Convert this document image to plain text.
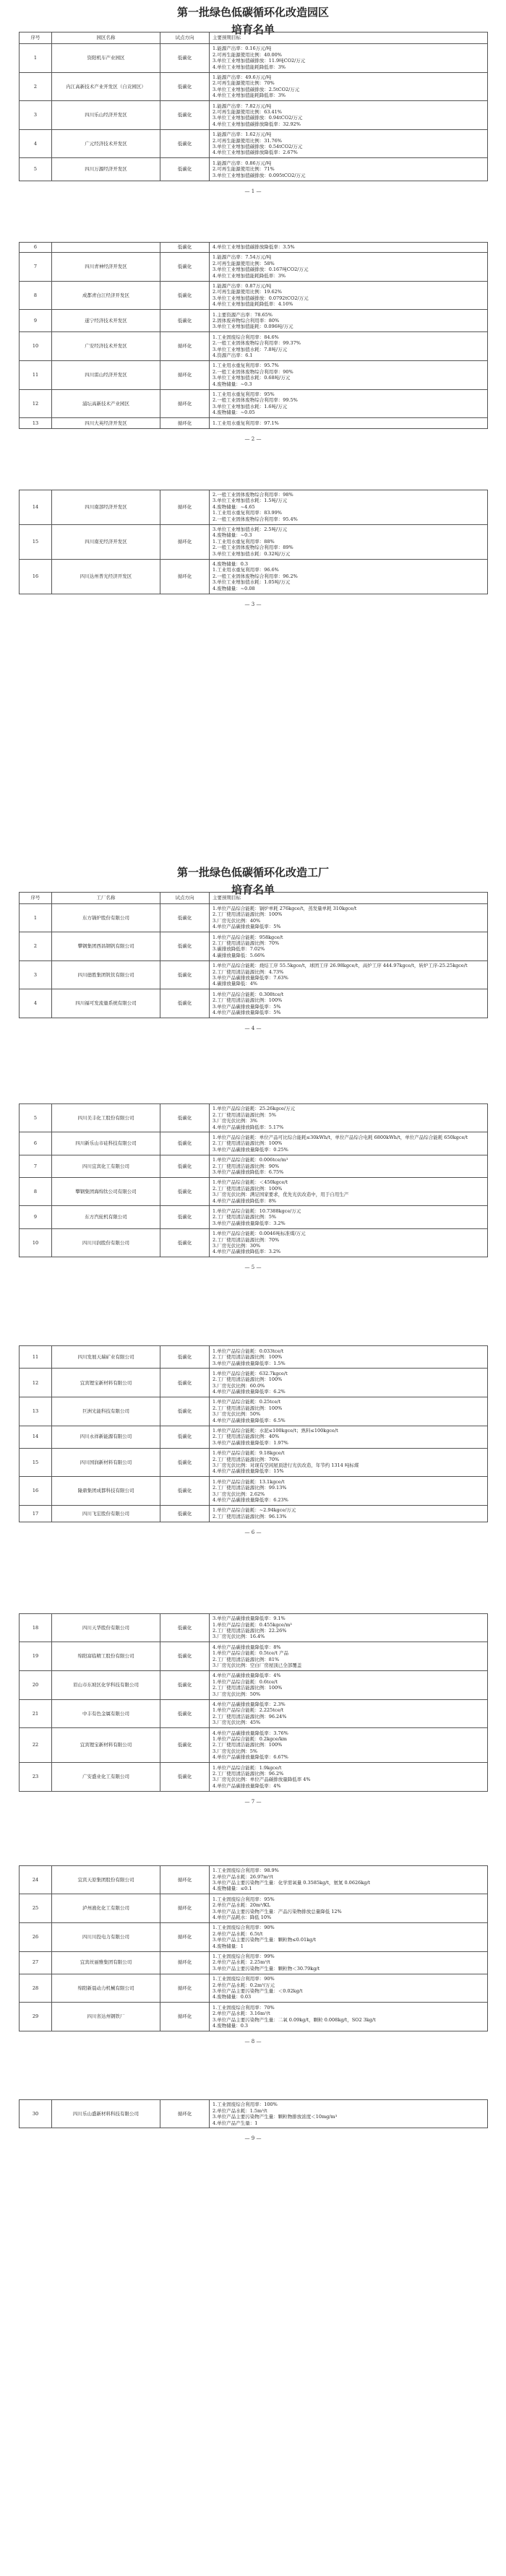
第一批绿色低碳循环化改造园区
培育名单
序号	园区名称	试点方向	主要预期目标
1	资阳机车产业园区	低碳化	1.能源产出率：0.16万元/吨
2.可再生能源使用比例：40.00%
3.单位工业增加值碳排放：11.9吨CO2/万元
4.单位工业增加值能耗降低率：3%

2	内江高新技术产业开发区（自贡园区）	低碳化	1.能源产出率：49.6万元/吨
2.可再生能源使用比例：70%
3.单位工业增加值碳排放：2.5tCO2/万元
4.单位工业增加值能耗降低率：3%

3	四川乐山经济开发区	低碳化	1.能源产出率：7.82万元/吨
2.可再生能源使用比例：63.41%
3.单位工业增加值碳排放：0.94tCO2/万元
4.单位工业增加值碳排放降低率：32.92%

4	广元经济技术开发区	低碳化	1.能源产出率：1.62万元/吨
2.可再生能源使用比例：31.76%
3.单位工业增加值碳排放：0.54tCO2/万元
4.单位工业增加值碳排放降低率：2.67%

5	四川万源经济开发区	低碳化	1.能源产出率：0.86万元/吨
2.可再生能源使用比例：71%
3.单位工业增加值碳排放：0.095tCO2/万元
— 1 —
6		低碳化	4.单位工业增加值碳排放降低率：3.5%

7	四川青神经济开发区	低碳化	1.能源产出率：7.54万元/吨
2.可再生能源使用比例：58%
3.单位工业增加值碳排放：0.167吨CO2/万元
4.单位工业增加值能耗降低率：3%

8	成都青白江经济开发区	低碳化	1.能源产出率：0.87万元/吨
2.可再生能源使用比例：19.62%
3.单位工业增加值碳排放：0.0792tCO2/万元
4.单位工业增加值能耗降低率：4.16%

9	遂宁经济技术开发区	低碳化	1.主要资源产出率：78.65%
2.固体废弃物综合利用率：80%
3.单位工业增加值能耗：0.096吨/万元

10	广安经济技术开发区	循环化	1.工业固废综合利用率：84.6%
2.一般工业固体废物综合利用率：99.37%
3.单位工业增加值水耗：7.8吨/万元
4.资源产出率：6.1

11	四川雷山经济开发区	循环化	1.工业用水重复利用率：95.7%
2.一般工业固体废物综合利用率：90%
3.单位工业增加值水耗：0.68吨/万元
4.废物储量：~0.3

12	浦坛高新技术产业园区	循环化	1.工业用水重复利用率：95%
2.一般工业固体废物综合利用率：99.5%
3.单位工业增加值水耗：1.6吨/万元
4.废物储量：~0.05

13	四川大英经济开发区	循环化	1.工业用水重复利用率：97.1%
— 2 —
14	四川南部经济开发区	循环化	2.一般工业固体废物综合利用率：98%
3.单位工业增加值水耗：1.5吨/万元
4.废物储量：~4.65
1.工业用水重复利用率：83.99%
2.一般工业固体废物综合利用率：95.4%

15	四川南充经济开发区	循环化	3.单位工业增加值水耗：2.5吨/万元
4.废物储量：~0.3
1.工业用水重复利用率：88%
2.一般工业固体废物综合利用率：89%
3.单位工业增加值水耗：0.32吨/万元

16	四川达州普光经济开发区	循环化	4.废物储量：0.3
1.工业用水重复利用率：96.6%
2.一般工业固体废物综合利用率：96.2%
3.单位工业增加值水耗：1.05吨/万元
4.废物储量：~0.08
— 3 —
第一批绿色低碳循环化改造工厂
培育名单
序号	工厂名称	试点方向	主要预期目标
1	东方锅炉股份有限公司	低碳化	1.单位产品综合能耗：锅炉单耗 276kgce/t，蒸发量单耗 310kgce/t
2.工厂使用清洁能源比例：100%
3.厂房光伏比例：40%
4.单位产品碳排放量降低率：5%

2	攀钢集团西昌钢钒有限公司	低碳化	1.单位产品综合能耗：958kgce/t
2.工厂使用清洁能源比例：70%
3.碳排放降低率：7.02%
4.碳排放量降低：5.66%

3	四川德胜集团钒钛有限公司	低碳化	1.单位产品综合能耗：烧结工序 55.5kgce/t，球团工序 26.98kgce/t，高炉工序 444.97kgce/t，转炉工序-25.25kgce/t
2.工厂使用清洁能源比例：4.73%
3.单位产品碳排放量降低率：7.63%
4.碳排放量降低：4%

4	四川福可发流量系统有限公司	低碳化	1.单位产品综合能耗：0.308tce/t
2.工厂使用清洁能源比例：100%
3.单位产品碳排放量降低率：5%
4.单位产品碳排放量降低率：5%
— 4 —
5	四川美丰化工股份有限公司	低碳化	1.单位产品综合能耗：25.26kgce/万元
2.工厂使用清洁能源比例：5%
3.厂房光伏比例：3%
4.单位产品碳排放降低率：5.17%

6	四川新乐山市硅科技有限公司	低碳化	1.单位产品综合能耗：单位产品可比综合能耗≤30kWh/t，单位产品综合电耗 6800kWh/t，单位产品综合能耗 650kgce/t
2.工厂使用清洁能源比例：100%
3.单位产品碳排放量降低率：0.25%

7	四川宜宾化工有限公司	低碳化	1.单位产品综合能耗：0.006tce/m³
2.工厂使用清洁能源比例：90%
3.单位产品碳排放降低率：6.75%

8	攀钢集团海绵钛公司有限公司	低碳化	1.单位产品综合能耗：＜450kgce/t
2.工厂使用清洁能源比例：100%
3.厂房光伏比例：满足国家要求，优先光伏改造中，用于自用生产
4.单位产品碳排放降低率：8%

9	东方汽轮机有限公司	低碳化	1.单位产品综合能耗：10.7388kgce/万元
2.工厂使用清洁能源比例：5%
3.单位产品碳排放量降低率：3.2%

10	四川川润股份有限公司	低碳化	1.单位产品综合能耗：0.0046吨标准煤/万元
2.工厂使用清洁能源比例：70%
3.厂房光伏比例：30%
4.单位产品碳排放降低率：3.2%
— 5 —
11	四川发展天瑞矿业有限公司	低碳化	1.单位产品综合能耗：0.033tce/t
2.工厂使用清洁能源比例：100%
3.单位产品碳排放量降低率：1.5%

12	宜宾锂宝新材料有限公司	低碳化	1.单位产品综合能耗：632.7kgce/t
2.工厂使用清洁能源比例：100%
3.厂房光伏比例：60.0%
4.单位产品碳排放量降低率：6.2%

13	巨洲光能科技有限公司	低碳化	1.单位产品综合能耗：0.25tce/t
2.工厂使用清洁能源比例：100%
3.厂房光伏比例：50%
4.单位产品碳排放量降低率：6.5%

14	四川永祥新能源有限公司	低碳化	1.单位产品综合能耗：水泥≤100kgce/t；熟料≤100kgce/t
2.工厂使用清洁能源比例：40%
3.单位产品碳排放量降低率：1.97%

15	四川国润新材料有限公司	低碳化	1.单位产品综合能耗：9.18kgce/t
2.工厂使用清洁能源比例：70%
3.厂房光伏比例：对现有空闲屋顶进行光伏改造，年节约 1314 吨标煤
4.单位产品碳排放量降低率：15%

16	隆鼎集团成都科技有限公司	低碳化	1.单位产品综合能耗：13.1kgce/t
2.工厂使用清洁能源比例：99.13%
3.厂房光伏比例：2.62%
4.单位产品碳排放量降低率：6.23%

17	四川飞宏股份有限公司	低碳化	1.单位产品综合能耗：~2.94kgce/万元
2.工厂使用清洁能源比例：96.13%
— 6 —
18	四川天华股份有限公司	低碳化	3.单位产品碳排放量降低率：9.1%
1.单位产品综合能耗：0.455kgce/m³
2.工厂使用清洁能源比例：22.26%
3.厂房光伏比例：16.4%

19	绵阳富临精工股份有限公司	低碳化	4.单位产品碳排放量降低率：8%
1.单位产品综合能耗：0.5tce/t 产品
2.工厂使用清洁能源比例：81%
3.厂房光伏比例：空白厂房屋顶已全部覆盖

20	眉山市东坡区化学科技有限公司	低碳化	4.单位产品碳排放量降低率：4%
1.单位产品综合能耗：0.6tce/t
2.工厂使用清洁能源比例：100%
3.厂房光伏比例：50%

21	中丰有色金属有限公司	低碳化	4.单位产品碳排放量降低率：2.3%
1.单位产品综合能耗：2.225tce/t
2.工厂使用清洁能源比例：96.24%
3.厂房光伏比例：45%

22	宜宾锂宝新材料有限公司	低碳化	4.单位产品碳排放量降低率：3.76%
1.单位产品综合能耗：0.2kgce/km
2.工厂使用清洁能源比例：100%
3.厂房光伏比例：5%
4.单位产品碳排放量降低率：6.67%

23	广安盛业化工有限公司	低碳化	1.单位产品综合能耗：1.9kgce/t
2.工厂使用清洁能源比例：96.2%
3.厂房光伏比例：单位产品碳排放量降低率 4%
4.单位产品碳排放量降低率：4%
— 7 —
24	宜宾天原集团股份有限公司	循环化	1.工业固废综合利用率：98.9%
2.单位产品水耗：26.97m³/t
3.单位产品主要污染物产生量：化学需氧量 0.3585kg/t，氨氮 0.0626kg/t
4.废物储量：≤0.1

25	泸州液化化工有限公司	循环化	1.工业固废综合利用率：95%
2.单位产品水耗：20m³/KL
3.单位产品主要污染物产生量：产品污染物排放总量降低 12%
4.单位产品耗水：降低 10%

26	四川川投电力有限公司	循环化	1.工业固废综合利用率：90%
2.单位产品水耗：6.5t/t
3.单位产品主要污染物产生量：颗粒物≤0.01kg/t
4.废物储量：1

27	宜宾丝丽雅集团有限公司	循环化	1.工业固废综合利用率：99%
2.单位产品水耗：2.25m³/t
3.单位产品主要污染物产生量：颗粒物＜30.79kg/t

28	绵阳新晨动力机械有限公司	循环化	1.工业固废综合利用率：90%
2.单位产品水耗：0.2m³/万元
3.单位产品主要污染物产生量：＜0.02kg/t
4.废物储量：0.03

29	四川省达州钢铁厂	循环化	1.工业固废综合利用率：70%
2.单位产品水耗：3.16m³/t
3.单位产品主要污染物产生量：二氧 0.09kg/t，颗粒 0.008kg/t，SO2 3kg/t
4.废物储量：0.3
— 8 —
30	四川乐山盛新材料科技有限公司	循环化	
1.工业固废综合利用率：100%
2.单位产品水耗：1.5m³/t
3.单位产品主要污染物产生量：颗粒物排放浓度＜10mg/m³
4.单位产品产生量：1
— 9 —
